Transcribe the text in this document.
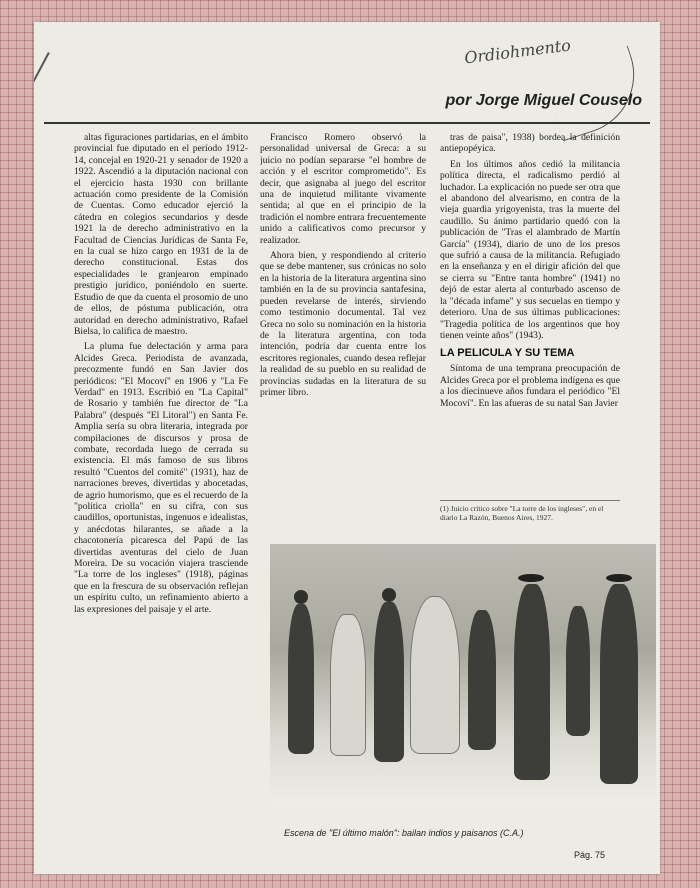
Ordiohmento
por Jorge Miguel Couselo

altas figuraciones partidarias, en el ámbito provincial fue diputado en el período 1912-14, concejal en 1920-21 y senador de 1920 a 1922. Ascendió a la diputación nacional con el ejercicio hasta 1930 con brillante actuación como presidente de la Comisión de Cuentas. Como educador ejerció la cátedra en colegios secundarios y desde 1921 la de derecho administrativo en la Facultad de Ciencias Jurídicas de Santa Fe, en la cual se hizo cargo en 1931 de la de derecho constitucional. Estas dos especialidades le granjearon empinado prestigio jurídico, poniéndolo en suerte. Estudio de que da cuenta el prosomio de uno de ellos, de póstuma publicación, otra autoridad en derecho administrativo, Rafael Bielsa, lo califica de maestro.

La pluma fue delectación y arma para Alcides Greca. Periodista de avanzada, precozmente fundó en San Javier dos periódicos: "El Mocoví" en 1906 y "La Fe Verdad" en 1913. Escribió en "La Capital" de Rosario y también fue director de "La Palabra" (después "El Litoral") en Santa Fe. Amplia sería su obra literaria, integrada por compilaciones de discursos y prosa de combate, recordada luego de cerrada su existencia. El más famoso de sus libros resultó "Cuentos del comité" (1931), haz de narraciones breves, divertidas y abocetadas, de agrio humorismo, que es el recuerdo de la "política criolla" en su cifra, con sus caudillos, oportunistas, ingenuos e idealistas, y anécdotas hilarantes, se añade a la chacotonería picaresca del Papú de las divertidas aventuras del cielo de Juan Moreira. De su vocación viajera trasciende "La torre de los ingleses" (1918), páginas que en la frescura de su observación reflejan un espíritu culto, un refinamiento abierto a las expresiones del paisaje y el arte.

Francisco Romero observó la personalidad universal de Greca: a su juicio no podían separarse "el hombre de acción y el escritor comprometido". Es decir, que asignaba al juego del escritor una de inquietud militante vivamente sentida; al que en el principio de la tradición el nombre entrara frecuentemente unido a calificativos como precursor y realizador.

Ahora bien, y respondiendo al criterio que se debe mantener, sus crónicas no solo en la historia de la literatura argentina sino también en la de su provincia santafesina, pueden revelarse de interés, sirviendo como testimonio documental. Tal vez Greca no solo su nominación en la historia de la literatura argentina, con toda intención, podría dar cuenta entre los escritores regionales, cuando desea reflejar la realidad de su pueblo en su realidad de provincias sudadas en la literatura de su primer libro.

tras de paisa", 1938) bordea la definición antiepopéyica.

En los últimos años cedió la militancia política directa, el radicalismo perdió al luchador. La explicación no puede ser otra que el abandono del alvearismo, en contra de la vieja guardia yrigoyenista, tras la muerte del caudillo. Su ánimo partidario quedó con la publicación de "Tras el alambrado de Martín García" (1934), diario de uno de los presos que sufrió a causa de la militancia. Refugiado en la enseñanza y en el dirigir afición del que se cierra su "Entre tanta hombre" (1941) no dejó de estar alerta al conturbado ascenso de la "década infame" y sus secuelas en tiempo y deterioro. Una de sus últimas publicaciones: "Tragedia política de los argentinos que hoy tienen veinte años" (1943).

LA PELICULA Y SU TEMA

Síntoma de una temprana preocupación de Alcides Greca por el problema indígena es que a los diecinueve años fundara el periódico "El Mocoví". En las afueras de su natal San Javier

(1) Juicio crítico sobre "La torre de los ingleses", en el diario La Razón, Buenos Aires, 1927.
Escena de "El último malón": bailan indios y paisanos (C.A.)
Pág. 75
